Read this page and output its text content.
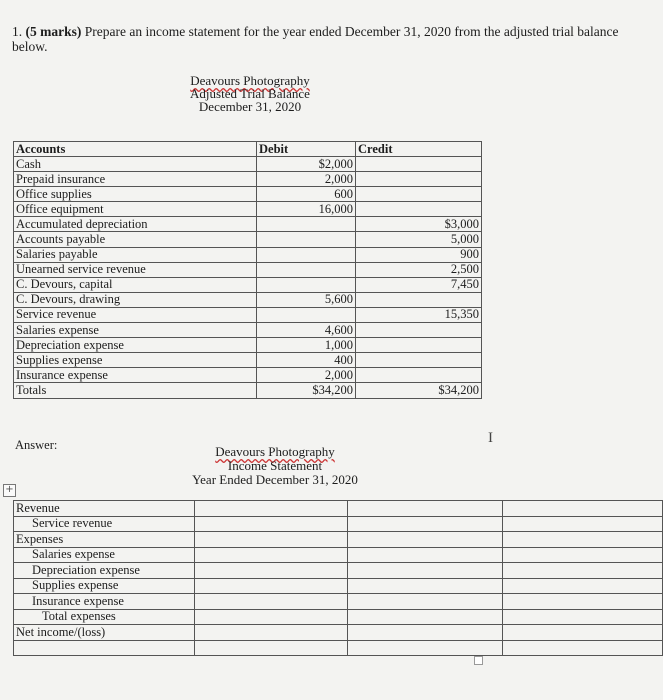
1. (5 marks) Prepare an income statement for the year ended December 31, 2020 from the adjusted trial balance below.
Deavours Photography
Adjusted Trial Balance
December 31, 2020
Accounts	Debit	Credit
Cash	$2,000	
Prepaid insurance	2,000	
Office supplies	600	
Office equipment	16,000	
Accumulated depreciation		$3,000
Accounts payable		5,000
Salaries payable		900
Unearned service revenue		2,500
C. Devours, capital		7,450
C. Devours, drawing	5,600	
Service revenue		15,350
Salaries expense	4,600	
Depreciation expense	1,000	
Supplies expense	400	
Insurance expense	2,000	
Totals	$34,200	$34,200
Answer:	I
Deavours Photography
Income Statement
Year Ended December 31, 2020
+
Revenue			
Service revenue			
Expenses			
Salaries expense			
Depreciation expense			
Supplies expense			
Insurance expense			
Total expenses			
Net income/(loss)			
